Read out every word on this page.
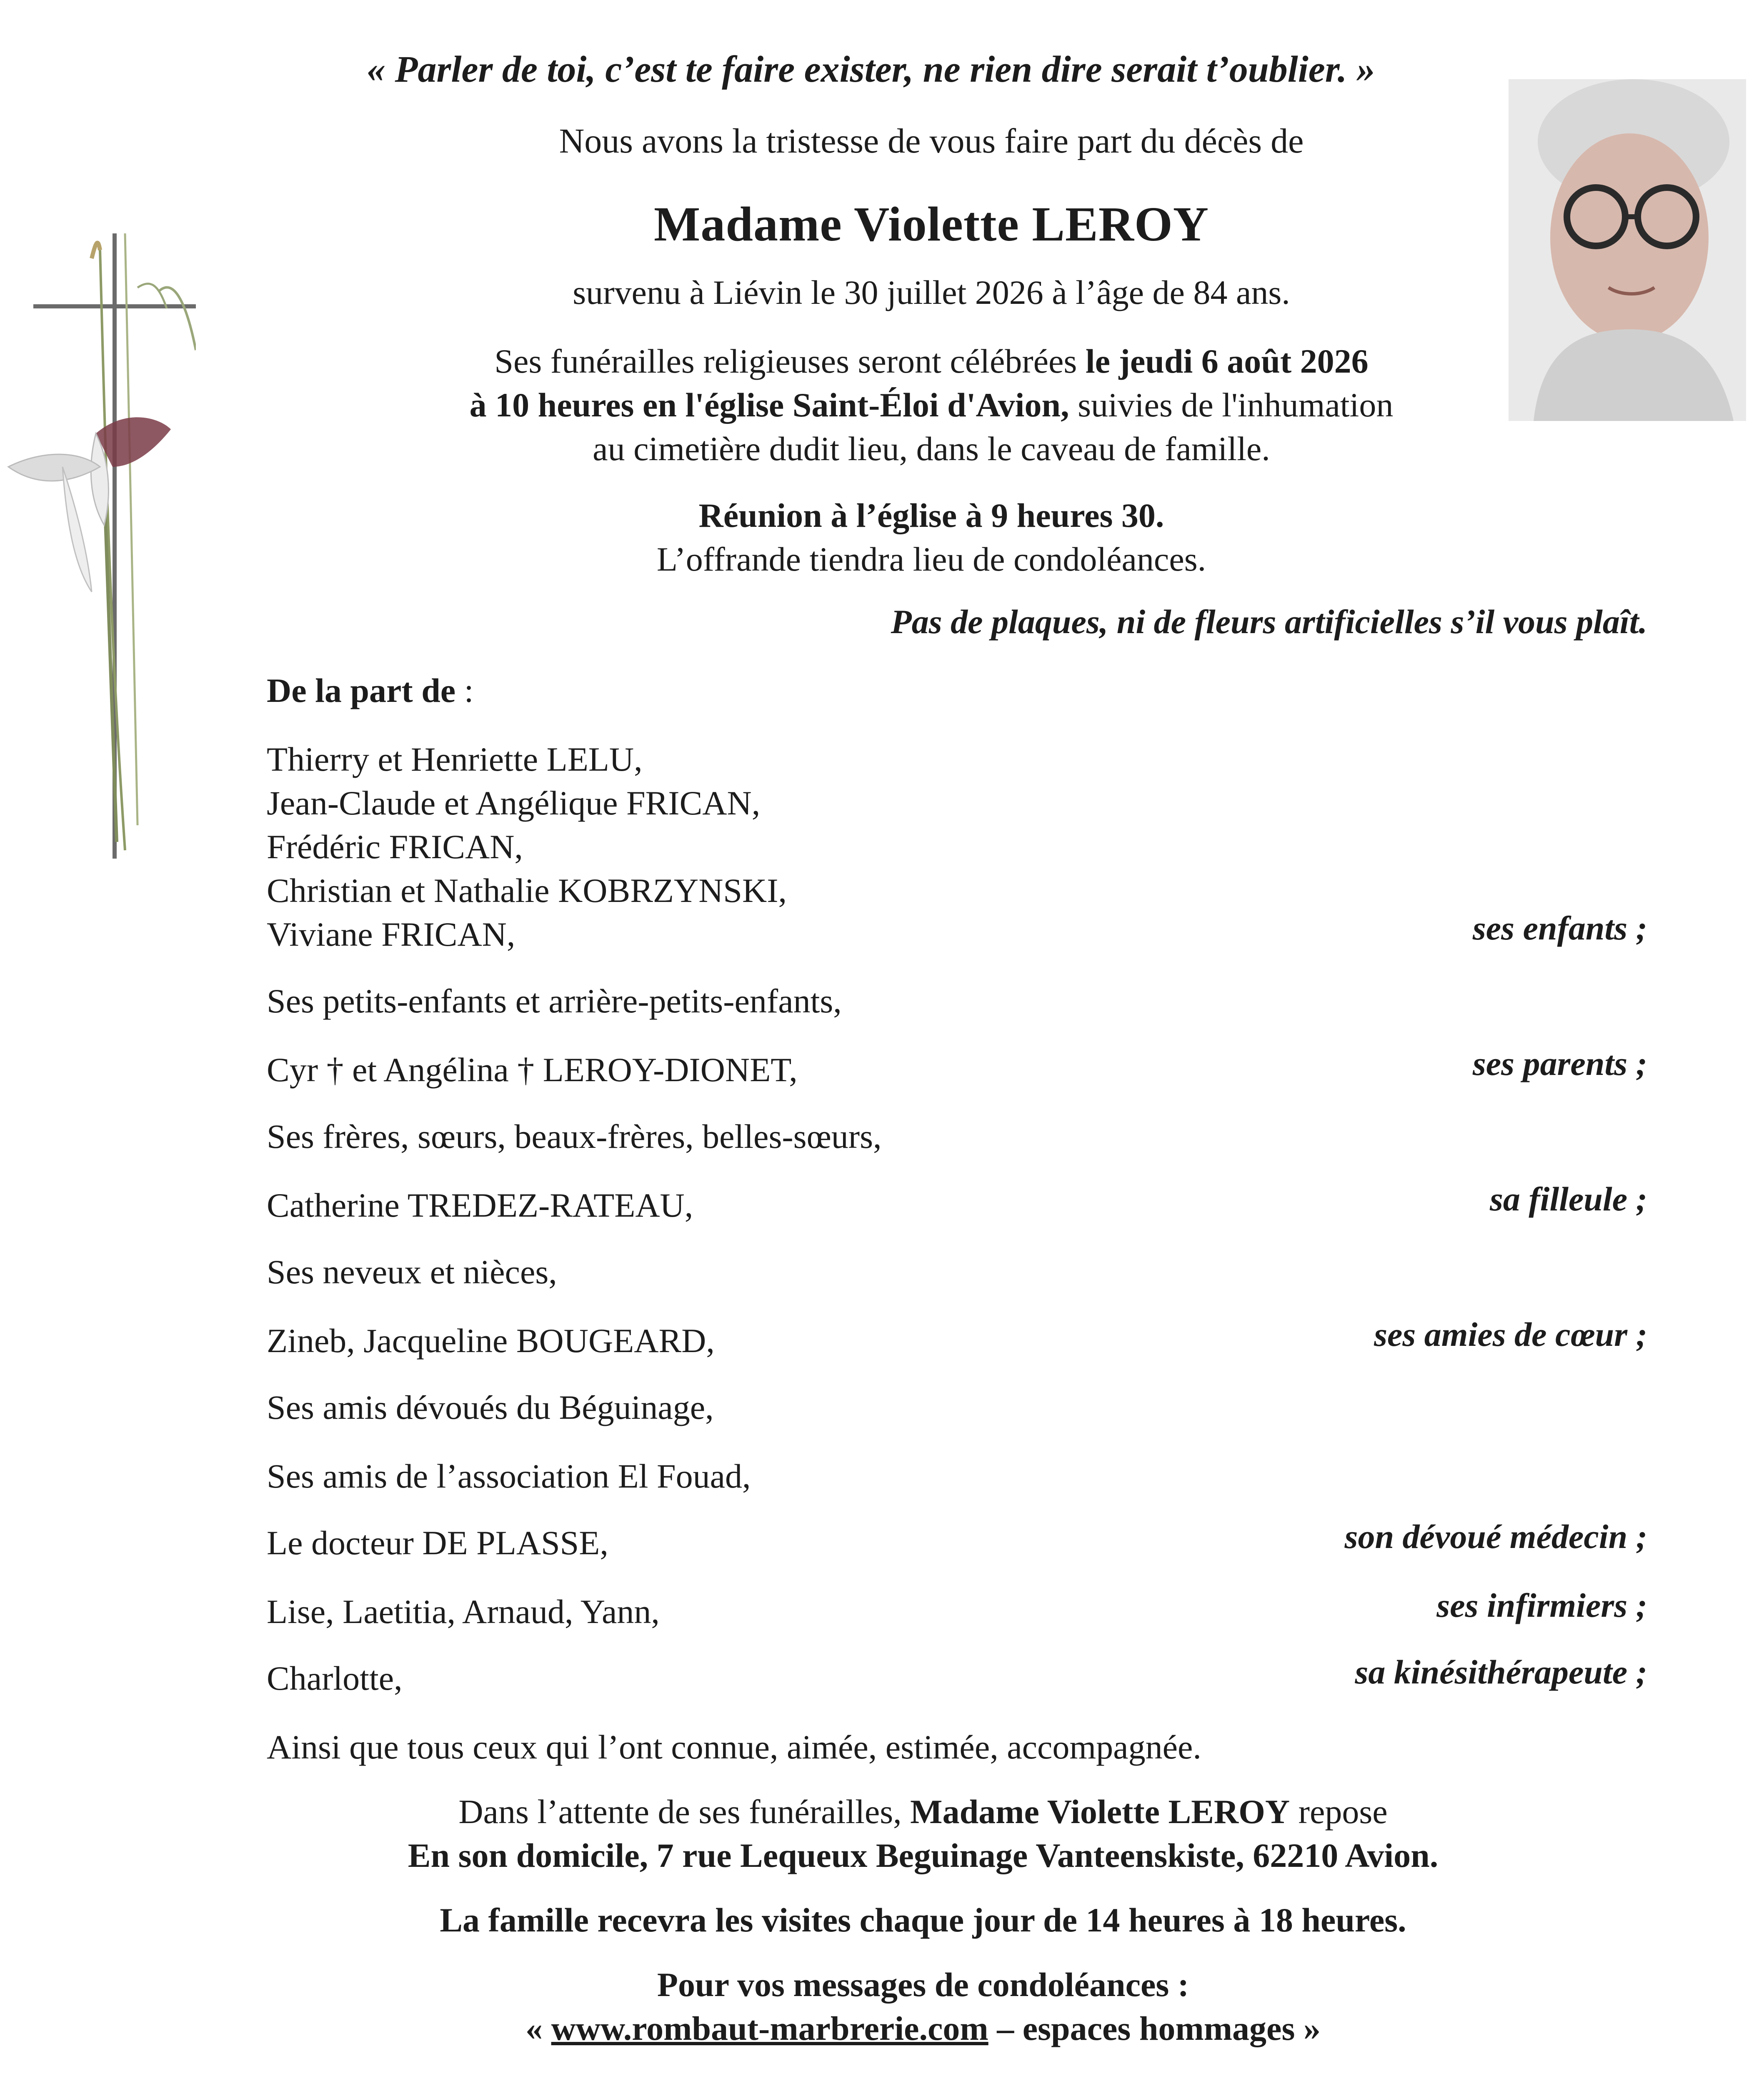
« Parler de toi, c’est te faire exister, ne rien dire serait t’oublier. »
Nous avons la tristesse de vous faire part du décès de
Madame Violette LEROY
survenu à Liévin le 30 juillet 2026 à l’âge de 84 ans.
Ses funérailles religieuses seront célébrées le jeudi 6 août 2026
à 10 heures en l'église Saint-Éloi d'Avion, suivies de l'inhumation
au cimetière dudit lieu, dans le caveau de famille.
Réunion à l’église à 9 heures 30.
L’offrande tiendra lieu de condoléances.
Pas de plaques, ni de fleurs artificielles s’il vous plaît.
De la part de :
Thierry et Henriette LELU,
Jean-Claude et Angélique FRICAN,
Frédéric FRICAN,
Christian et Nathalie KOBRZYNSKI,
Viviane FRICAN,	ses enfants ;
Ses petits-enfants et arrière-petits-enfants,
Cyr † et Angélina † LEROY-DIONET,	ses parents ;
Ses frères, sœurs, beaux-frères, belles-sœurs,
Catherine TREDEZ-RATEAU,	sa filleule ;
Ses neveux et nièces,
Zineb, Jacqueline BOUGEARD,	ses amies de cœur ;
Ses amis dévoués du Béguinage,
Ses amis de l’association El Fouad,
Le docteur DE PLASSE,	son dévoué médecin ;
Lise, Laetitia, Arnaud, Yann,	ses infirmiers ;
Charlotte,	sa kinésithérapeute ;
Ainsi que tous ceux qui l’ont connue, aimée, estimée, accompagnée.
Dans l’attente de ses funérailles, Madame Violette LEROY repose
En son domicile, 7 rue Lequeux Beguinage Vanteenskiste, 62210 Avion.
La famille recevra les visites chaque jour de 14 heures à 18 heures.
Pour vos messages de condoléances :
« www.rombaut-marbrerie.com – espaces hommages »
